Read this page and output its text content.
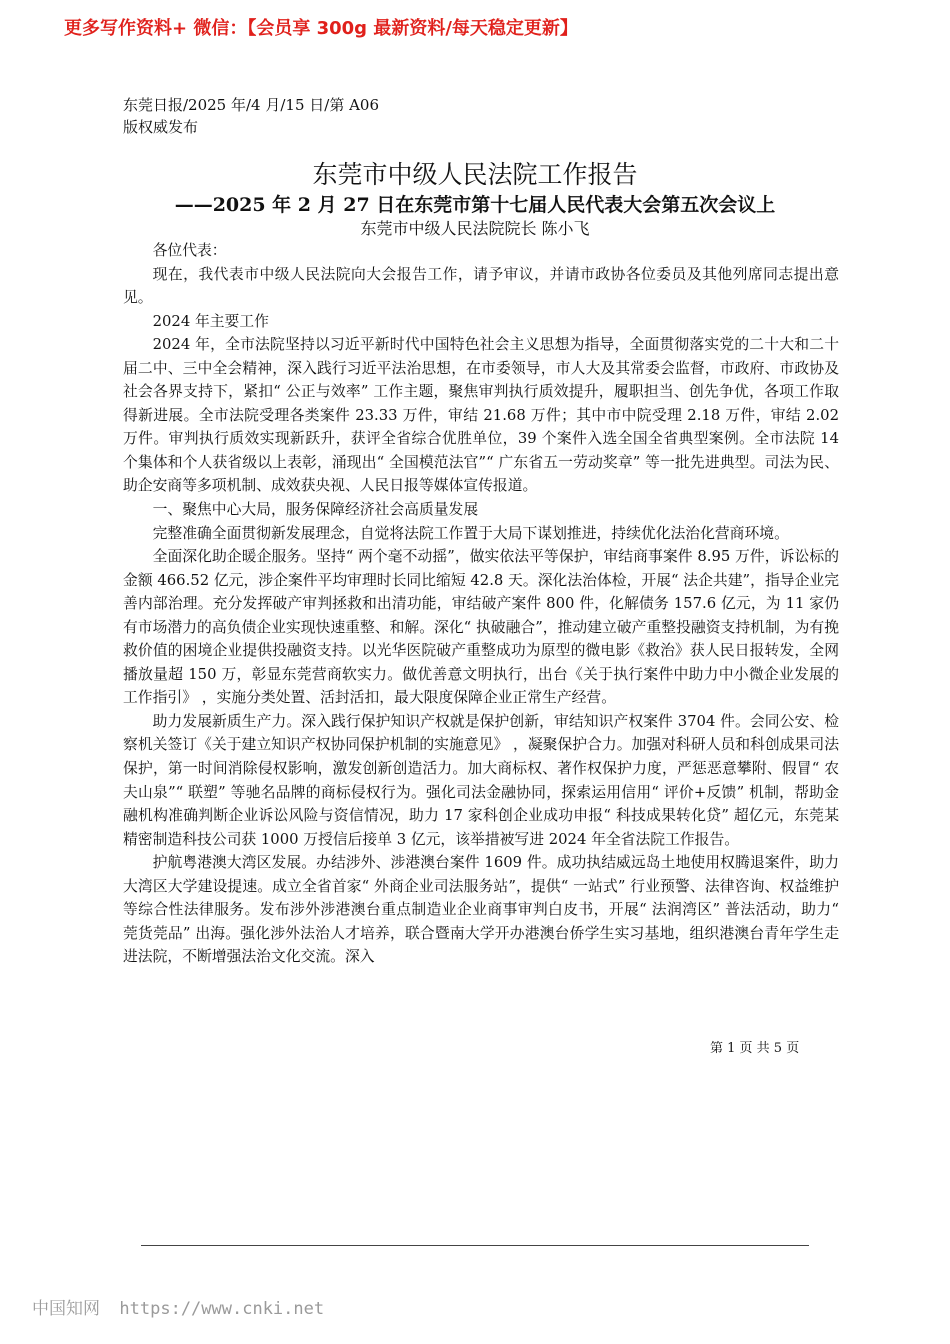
更多写作资料+ 微信：【会员享 300g 最新资料/每天稳定更新】
东莞日报/2025 年/4 月/15 日/第 A06
版权威发布
东莞市中级人民法院工作报告
——2025 年 2 月 27 日在东莞市第十七届人民代表大会第五次会议上
东莞市中级人民法院院长 陈小飞

各位代表：

现在，我代表市中级人民法院向大会报告工作，请予审议，并请市政协各位委员及其他列席同志提出意见。

2024 年主要工作

2024 年，全市法院坚持以习近平新时代中国特色社会主义思想为指导，全面贯彻落实党的二十大和二十届二中、三中全会精神，深入践行习近平法治思想，在市委领导，市人大及其常委会监督，市政府、市政协及社会各界支持下，紧扣“ 公正与效率” 工作主题，聚焦审判执行质效提升，履职担当、创先争优，各项工作取得新进展。全市法院受理各类案件 23.33 万件，审结 21.68 万件；其中市中院受理 2.18 万件，审结 2.02 万件。审判执行质效实现新跃升，获评全省综合优胜单位，39 个案件入选全国全省典型案例。全市法院 14 个集体和个人获省级以上表彰，涌现出“ 全国模范法官”“ 广东省五一劳动奖章” 等一批先进典型。司法为民、助企安商等多项机制、成效获央视、人民日报等媒体宣传报道。

一、聚焦中心大局，服务保障经济社会高质量发展

完整准确全面贯彻新发展理念，自觉将法院工作置于大局下谋划推进，持续优化法治化营商环境。

全面深化助企暖企服务。坚持“ 两个毫不动摇”，做实依法平等保护，审结商事案件 8.95 万件，诉讼标的金额 466.52 亿元，涉企案件平均审理时长同比缩短 42.8 天。深化法治体检，开展“ 法企共建”，指导企业完善内部治理。充分发挥破产审判拯救和出清功能，审结破产案件 800 件，化解债务 157.6 亿元，为 11 家仍有市场潜力的高负债企业实现快速重整、和解。深化“ 执破融合”，推动建立破产重整投融资支持机制，为有挽救价值的困境企业提供投融资支持。以光华医院破产重整成功为原型的微电影《救治》获人民日报转发，全网播放量超 150 万，彰显东莞营商软实力。做优善意文明执行，出台《关于执行案件中助力中小微企业发展的工作指引》 ，实施分类处置、活封活扣，最大限度保障企业正常生产经营。

助力发展新质生产力。深入践行保护知识产权就是保护创新，审结知识产权案件 3704 件。会同公安、检察机关签订《关于建立知识产权协同保护机制的实施意见》 ，凝聚保护合力。加强对科研人员和科创成果司法保护，第一时间消除侵权影响，激发创新创造活力。加大商标权、著作权保护力度，严惩恶意攀附、假冒“ 农夫山泉”“ 联塑” 等驰名品牌的商标侵权行为。强化司法金融协同，探索运用信用“ 评价+反馈” 机制，帮助金融机构准确判断企业诉讼风险与资信情况，助力 17 家科创企业成功申报“ 科技成果转化贷” 超亿元，东莞某精密制造科技公司获 1000 万授信后接单 3 亿元，该举措被写进 2024 年全省法院工作报告。

护航粤港澳大湾区发展。办结涉外、涉港澳台案件 1609 件。成功执结威远岛土地使用权腾退案件，助力大湾区大学建设提速。成立全省首家“ 外商企业司法服务站”，提供“ 一站式” 行业预警、法律咨询、权益维护等综合性法律服务。发布涉外涉港澳台重点制造业企业商事审判白皮书，开展“ 法润湾区” 普法活动，助力“ 莞货莞品” 出海。强化涉外法治人才培养，联合暨南大学开办港澳台侨学生实习基地，组织港澳台青年学生走进法院，不断增强法治文化交流。深入

第 1 页 共 5 页
中国知网 https://www.cnki.net
